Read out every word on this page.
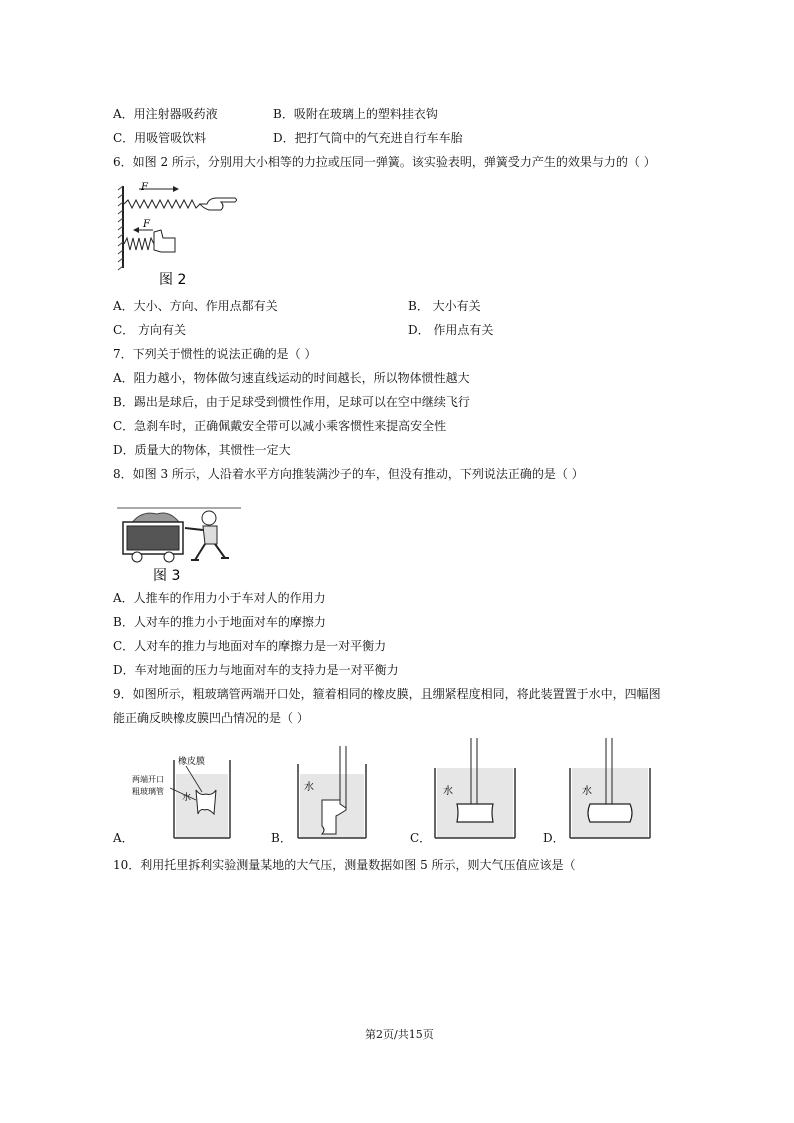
A．用注射器吸药液	B．吸附在玻璃上的塑料挂衣钩
C．用吸管吸饮料	D．把打气筒中的气充进自行车车胎
6．如图 2 所示，分别用大小相等的力拉或压同一弹簧。该实验表明，弹簧受力产生的效果与力的（ ）
F
F
图 2
A．大小、方向、作用点都有关	B． 大小有关
C． 方向有关	D． 作用点有关
7．下列关于惯性的说法正确的是（ ）
A．阻力越小，物体做匀速直线运动的时间越长，所以物体惯性越大
B．踢出是球后，由于足球受到惯性作用，足球可以在空中继续飞行
C．急刹车时，正确佩戴安全带可以减小乘客惯性来提高安全性
D．质量大的物体，其惯性一定大
8．如图 3 所示，人沿着水平方向推装满沙子的车，但没有推动，下列说法正确的是（ ）
图 3
A．人推车的作用力小于车对人的作用力
B．人对车的推力小于地面对车的摩擦力
C．人对车的推力与地面对车的摩擦力是一对平衡力
D．车对地面的压力与地面对车的支持力是一对平衡力
9．如图所示，粗玻璃管两端开口处，箍着相同的橡皮膜，且绷紧程度相同，将此装置置于水中，四幅图
能正确反映橡皮膜凹凸情况的是（ ）
橡皮膜
两端开口
粗玻璃管
水
A．
水
B．
水
C．
水
D．
10．利用托里拆利实验测量某地的大气压，测量数据如图 5 所示，则大气压值应该是（
第2页/共15页
